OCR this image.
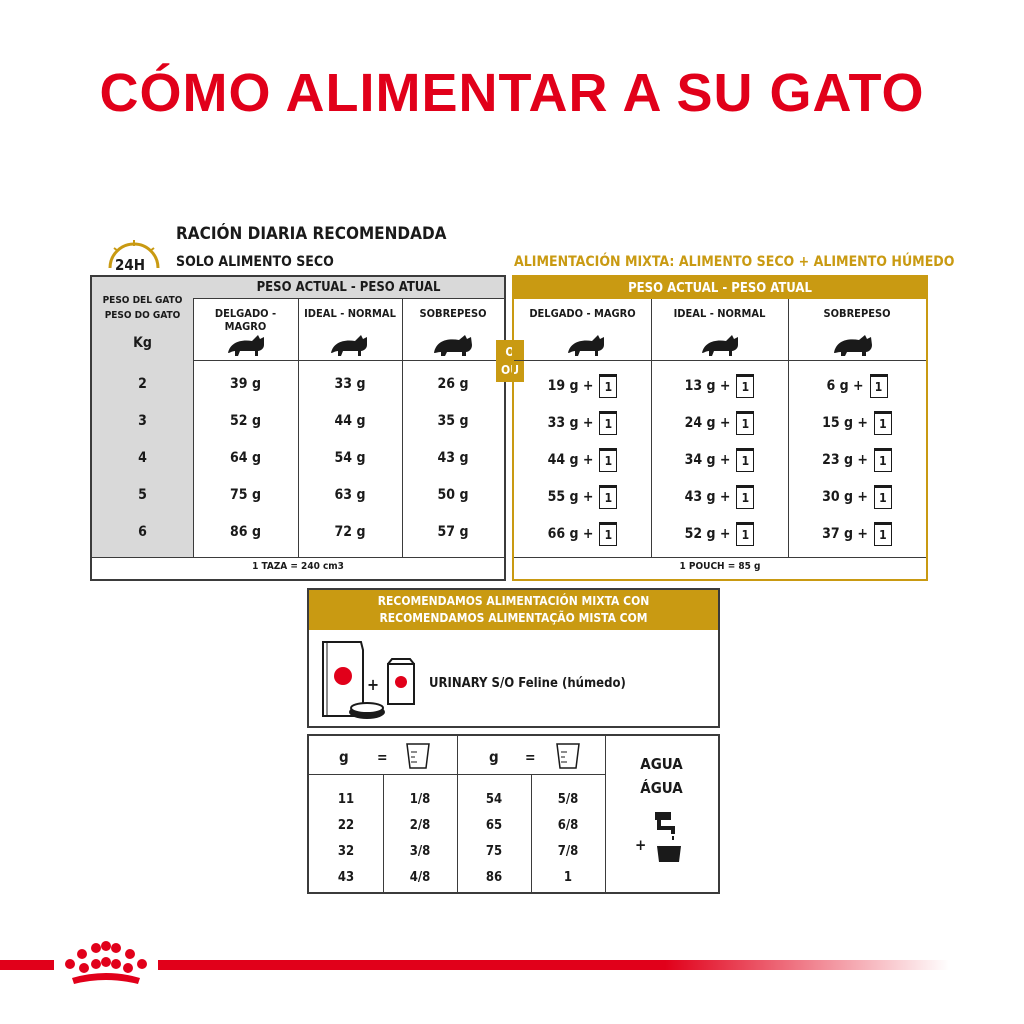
CÓMO ALIMENTAR A SU GATO
24H
RACIÓN DIARIA RECOMENDADA
SOLO ALIMENTO SECO	ALIMENTACIÓN MIXTA: ALIMENTO SECO + ALIMENTO HÚMEDO
PESO ACTUAL - PESO ATUAL
PESO DEL GATO
PESO DO GATO
Kg
DELGADO - MAGRO
IDEAL - NORMAL	SOBREPESO
2	39 g	33 g	26 g
3	52 g	44 g	35 g
4	64 g	54 g	43 g
5	75 g	63 g	50 g
6	86 g	72 g	57 g
1 TAZA = 240 cm3
O
OU
PESO ACTUAL - PESO ATUAL
DELGADO - MAGRO	IDEAL - NORMAL	SOBREPESO
19 g + 1	13 g + 1	6 g + 1
33 g + 1	24 g + 1	15 g + 1
44 g + 1	34 g + 1	23 g + 1
55 g + 1	43 g + 1	30 g + 1
66 g + 1	52 g + 1	37 g + 1
1 POUCH = 85 g
RECOMENDAMOS ALIMENTACIÓN MIXTA CON
RECOMENDAMOS ALIMENTAÇÃO MISTA COM
+	URINARY S/O Feline (húmedo)
g =	g =
11	1/8	54	5/8
22	2/8	65	6/8
32	3/8	75	7/8
43	4/8	86	1
AGUA
ÁGUA
+
